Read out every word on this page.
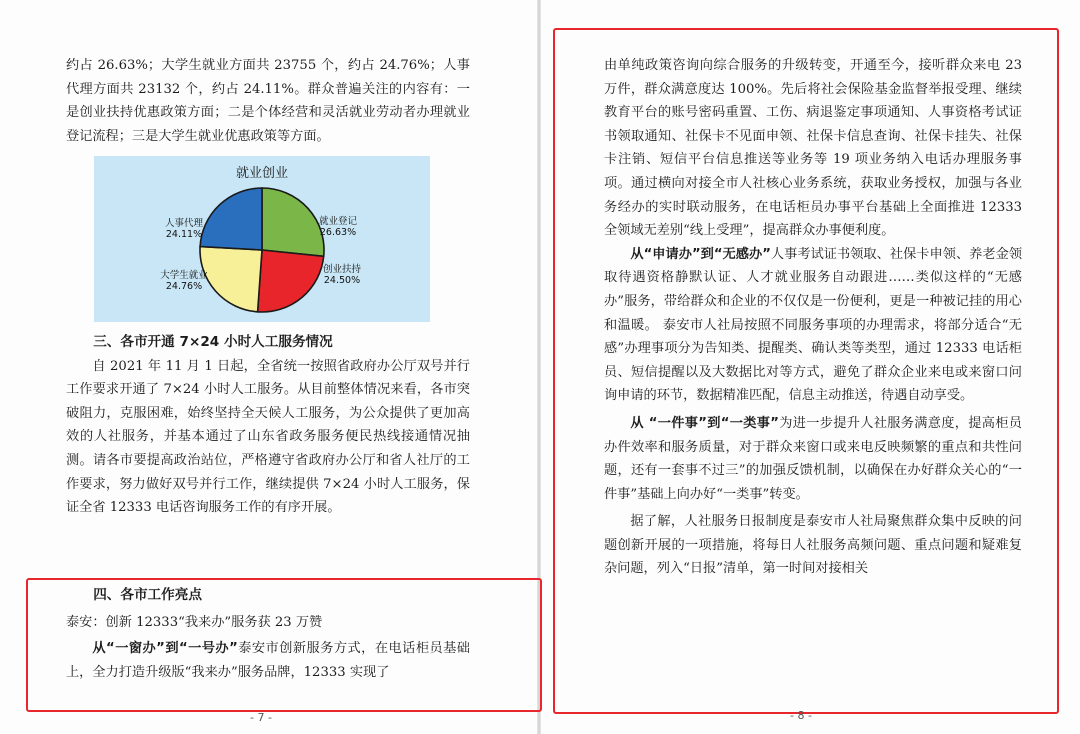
约占 26.63%；大学生就业方面共 23755 个，约占 24.76%；人事代理方面共 23132 个，约占 24.11%。群众普遍关注的内容有：一是创业扶持优惠政策方面；二是个体经营和灵活就业劳动者办理就业登记流程；三是大学生就业优惠政策等方面。

就业创业
就业登记 26.63%
创业扶持 24.50%
大学生就业 24.76%
人事代理 24.11%

三、各市开通 7×24 小时人工服务情况

自 2021 年 11 月 1 日起，全省统一按照省政府办公厅双号并行工作要求开通了 7×24 小时人工服务。从目前整体情况来看，各市突破阻力，克服困难，始终坚持全天候人工服务，为公众提供了更加高效的人社服务，并基本通过了山东省政务服务便民热线接通情况抽测。请各市要提高政治站位，严格遵守省政府办公厅和省人社厅的工作要求，努力做好双号并行工作，继续提供 7×24 小时人工服务，保证全省 12333 电话咨询服务工作的有序开展。

四、各市工作亮点

泰安：创新 12333“我来办”服务获 23 万赞

从“一窗办”到“一号办”泰安市创新服务方式，在电话柜员基础上，全力打造升级版“我来办”服务品牌，12333 实现了

- 7 -

由单纯政策咨询向综合服务的升级转变，开通至今，接听群众来电 23 万件，群众满意度达 100%。先后将社会保险基金监督举报受理、继续教育平台的账号密码重置、工伤、病退鉴定事项通知、人事资格考试证书领取通知、社保卡不见面申领、社保卡信息查询、社保卡挂失、社保卡注销、短信平台信息推送等业务等 19 项业务纳入电话办理服务事项。通过横向对接全市人社核心业务系统，获取业务授权，加强与各业务经办的实时联动服务，在电话柜员办事平台基础上全面推进 12333 全领域无差别“线上受理”，提高群众办事便利度。

从“申请办”到“无感办”人事考试证书领取、社保卡申领、养老金领取待遇资格静默认证、人才就业服务自动跟进……类似这样的“无感办”服务，带给群众和企业的不仅仅是一份便利，更是一种被记挂的用心和温暖。 泰安市人社局按照不同服务事项的办理需求，将部分适合“无感”办理事项分为告知类、提醒类、确认类等类型，通过 12333 电话柜员、短信提醒以及大数据比对等方式，避免了群众企业来电或来窗口问询申请的环节，数据精准匹配，信息主动推送，待遇自动享受。

从 “一件事”到“一类事”为进一步提升人社服务满意度，提高柜员办件效率和服务质量，对于群众来窗口或来电反映频繁的重点和共性问题，还有一套事不过三”的加强反馈机制，以确保在办好群众关心的“一件事”基础上向办好“一类事”转变。

据了解，人社服务日报制度是泰安市人社局聚焦群众集中反映的问题创新开展的一项措施，将每日人社服务高频问题、重点问题和疑难复杂问题，列入“日报”清单，第一时间对接相关

- 8 -
